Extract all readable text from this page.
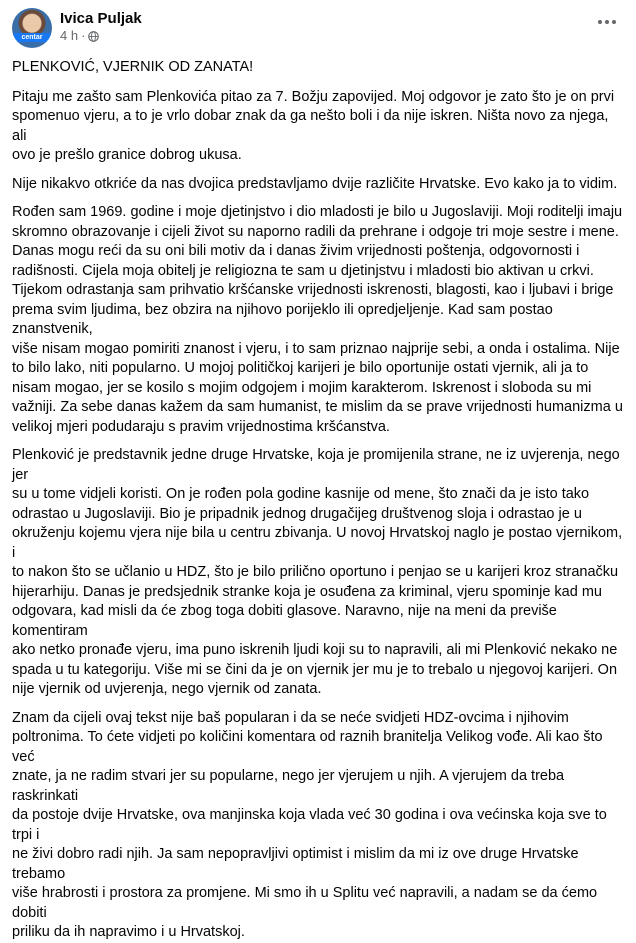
centar
Ivica Puljak
4 h ·

PLENKOVIĆ, VJERNIK OD ZANATA!

Pitaju me zašto sam Plenkovića pitao za 7. Božju zapovijed. Moj odgovor je zato što je on prvi
spomenuo vjeru, a to je vrlo dobar znak da ga nešto boli i da nije iskren. Ništa novo za njega, ali
ovo je prešlo granice dobrog ukusa.

Nije nikakvo otkriće da nas dvojica predstavljamo dvije različite Hrvatske. Evo kako ja to vidim.

Rođen sam 1969. godine i moje djetinjstvo i dio mladosti je bilo u Jugoslaviji. Moji roditelji imaju
skromno obrazovanje i cijeli život su naporno radili da prehrane i odgoje tri moje sestre i mene.
Danas mogu reći da su oni bili motiv da i danas živim vrijednosti poštenja, odgovornosti i
radišnosti. Cijela moja obitelj je religiozna te sam u djetinjstvu i mladosti bio aktivan u crkvi.
Tijekom odrastanja sam prihvatio kršćanske vrijednosti iskrenosti, blagosti, kao i ljubavi i brige
prema svim ljudima, bez obzira na njihovo porijeklo ili opredjeljenje. Kad sam postao znanstvenik,
više nisam mogao pomiriti znanost i vjeru, i to sam priznao najprije sebi, a onda i ostalima. Nije
to bilo lako, niti popularno. U mojoj političkoj karijeri je bilo oportunije ostati vjernik, ali ja to
nisam mogao, jer se kosilo s mojim odgojem i mojim karakterom. Iskrenost i sloboda su mi
važniji. Za sebe danas kažem da sam humanist, te mislim da se prave vrijednosti humanizma u
velikoj mjeri podudaraju s pravim vrijednostima kršćanstva.

Plenković je predstavnik jedne druge Hrvatske, koja je promijenila strane, ne iz uvjerenja, nego jer
su u tome vidjeli koristi. On je rođen pola godine kasnije od mene, što znači da je isto tako
odrastao u Jugoslaviji. Bio je pripadnik jednog drugačijeg društvenog sloja i odrastao je u
okruženju kojemu vjera nije bila u centru zbivanja. U novoj Hrvatskoj naglo je postao vjernikom, i
to nakon što se učlanio u HDZ, što je bilo prilično oportuno i penjao se u karijeri kroz stranačku
hijerarhiju. Danas je predsjednik stranke koja je osuđena za kriminal, vjeru spominje kad mu
odgovara, kad misli da će zbog toga dobiti glasove. Naravno, nije na meni da previše komentiram
ako netko pronađe vjeru, ima puno iskrenih ljudi koji su to napravili, ali mi Plenković nekako ne
spada u tu kategoriju. Više mi se čini da je on vjernik jer mu je to trebalo u njegovoj karijeri. On
nije vjernik od uvjerenja, nego vjernik od zanata.

Znam da cijeli ovaj tekst nije baš popularan i da se neće svidjeti HDZ-ovcima i njihovim
poltronima. To ćete vidjeti po količini komentara od raznih branitelja Velikog vođe. Ali kao što već
znate, ja ne radim stvari jer su popularne, nego jer vjerujem u njih. A vjerujem da treba raskrinkati
da postoje dvije Hrvatske, ova manjinska koja vlada već 30 godina i ova većinska koja sve to trpi i
ne živi dobro radi njih. Ja sam nepopravljivi optimist i mislim da mi iz ove druge Hrvatske trebamo
više hrabrosti i prostora za promjene. Mi smo ih u Splitu već napravili, a nadam se da ćemo dobiti
priliku da ih napravimo i u Hrvatskoj.
